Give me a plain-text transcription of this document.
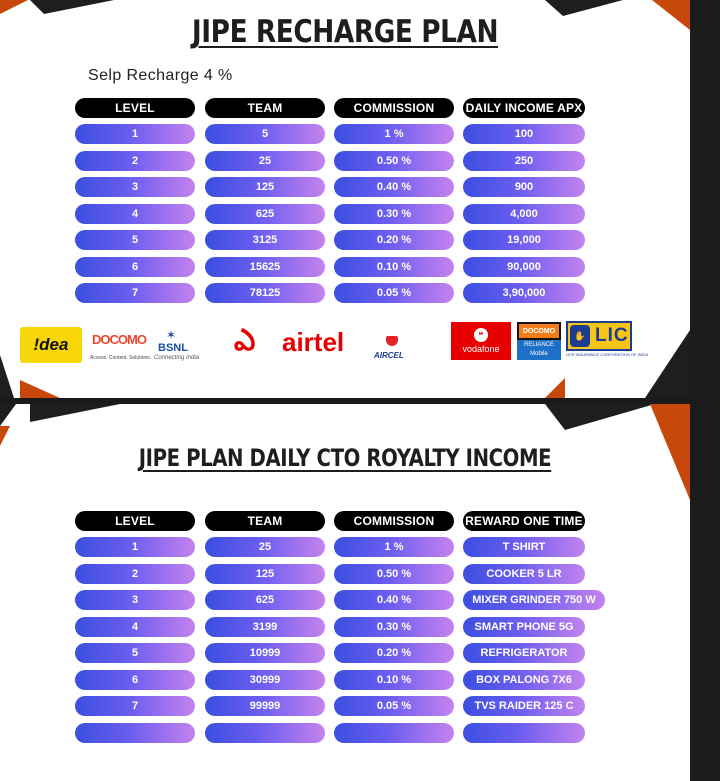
JIPE RECHARGE PLAN
Selp Recharge 4 %
LEVEL	TEAM	COMMISSION	DAILY INCOME APX
1	5	1 %	100
2	25	0.50 %	250
3	125	0.40 %	900
4	625	0.30 %	4,000
5	3125	0.20 %	19,000
6	15625	0.10 %	90,000
7	78125	0.05 %	3,90,000
!dea DOCOMO
Access. Content. Solutions.
✶
BSNL
Connecting India
ఎ airtel	AIRCEL
❝
vodafone
DOCOMO
RELIANCE Mobile
✋ LIC
LIFE INSURANCE CORPORATION OF INDIA
JIPE PLAN DAILY CTO ROYALTY INCOME
LEVEL	TEAM	COMMISSION	REWARD ONE TIME
1	25	1 %	T SHIRT
2	125	0.50 %	COOKER 5 LR
3	625	0.40 %	MIXER GRINDER 750 W
4	3199	0.30 %	SMART PHONE 5G
5	10999	0.20 %	REFRIGERATOR
6	30999	0.10 %	BOX PALONG 7X6
7	99999	0.05 %	TVS RAIDER 125 C
